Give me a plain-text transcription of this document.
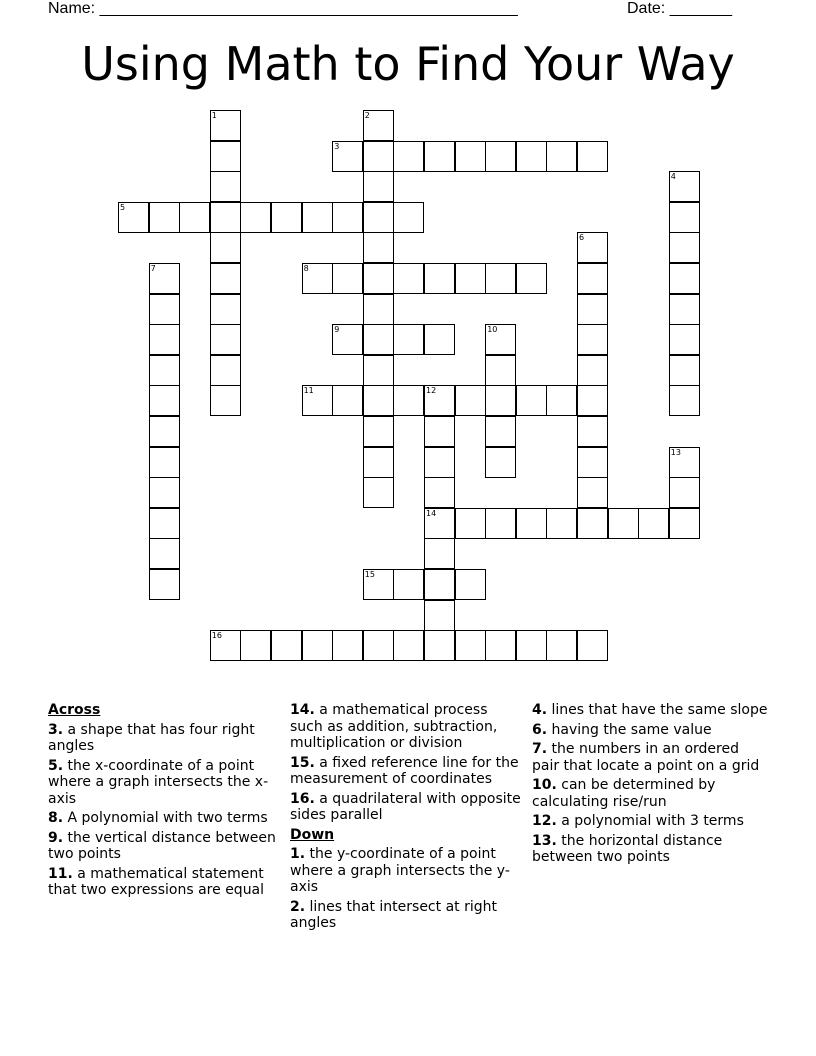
Name: _______________________________________________	Date: _______
Using Math to Find Your Way
1	2
3
4
5
6
7	8
9	10
11	12
14
13
15
16
Across
3. a shape that has four right angles
5. the x-coordinate of a point where a graph intersects the x-axis
8. A polynomial with two terms
9. the vertical distance between two points
11. a mathematical statement that two expressions are equal
14. a mathematical process such as addition, subtraction, multiplication or division
15. a fixed reference line for the measurement of coordinates
16. a quadrilateral with opposite sides parallel
Down
1. the y-coordinate of a point where a graph intersects the y-axis
2. lines that intersect at right angles
4. lines that have the same slope
6. having the same value
7. the numbers in an ordered pair that locate a point on a grid
10. can be determined by calculating rise/run
12. a polynomial with 3 terms
13. the horizontal distance between two points
